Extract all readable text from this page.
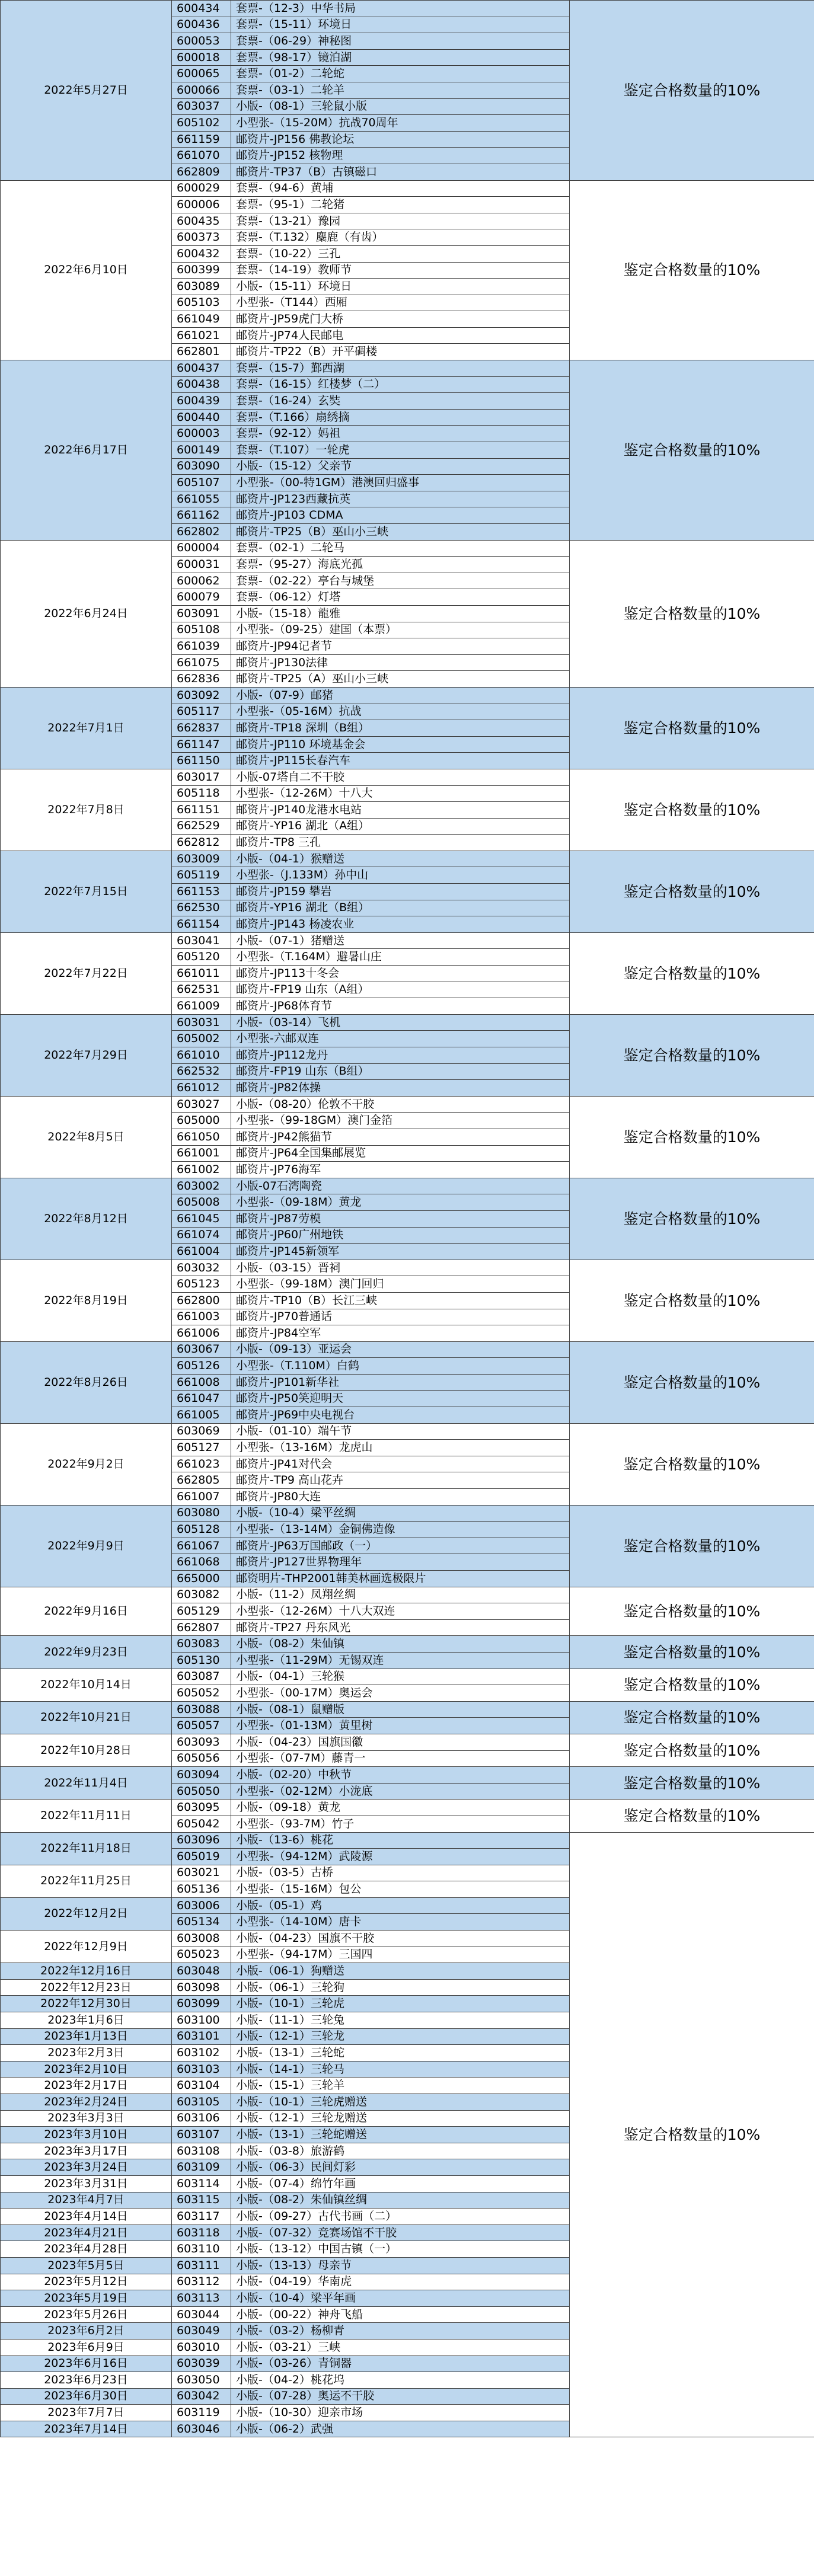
2022年5月27日	600434	套票-（12-3）中华书局	鉴定合格数量的10%
	600436	套票-（15-11）环境日	
	600053	套票-（06-29）神秘图	
	600018	套票-（98-17）镜泊湖	
	600065	套票-（01-2）二轮蛇	
	600066	套票-（03-1）二轮羊	
	603037	小版-（08-1）三轮鼠小版	
	605102	小型张-（15-20M）抗战70周年	
	661159	邮资片-JP156 佛教论坛	
	661070	邮资片-JP152 核物理	
	662809	邮资片-TP37（B）古镇磁口	
2022年6月10日	600029	套票-（94-6）黄埔	鉴定合格数量的10%
	600006	套票-（95-1）二轮猪	
	600435	套票-（13-21）豫园	
	600373	套票-（T.132）麋鹿（有齿）	
	600432	套票-（10-22）三孔	
	600399	套票-（14-19）教师节	
	603089	小版-（15-11）环境日	
	605103	小型张-（T144）西厢	
	661049	邮资片-JP59虎门大桥	
	661021	邮资片-JP74人民邮电	
	662801	邮资片-TP22（B）开平碉楼	
2022年6月17日	600437	套票-（15-7）鄞西湖	鉴定合格数量的10%
	600438	套票-（16-15）红楼梦（二）	
	600439	套票-（16-24）玄奘	
	600440	套票-（T.166）扇绣摘	
	600003	套票-（92-12）妈祖	
	600149	套票-（T.107）一轮虎	
	603090	小版-（15-12）父亲节	
	605107	小型张-（00-特1GM）港澳回归盛事	
	661055	邮资片-JP123西藏抗英	
	661162	邮资片-JP103 CDMA	
	662802	邮资片-TP25（B）巫山小三峡	
2022年6月24日	600004	套票-（02-1）二轮马	鉴定合格数量的10%
	600031	套票-（95-27）海底光孤	
	600062	套票-（02-22）亭台与城堡	
	600079	套票-（06-12）灯塔	
	603091	小版-（15-18）龍雅	
	605108	小型张-（09-25）建国（本票）	
	661039	邮资片-JP94记者节	
	661075	邮资片-JP130法律	
	662836	邮资片-TP25（A）巫山小三峡	
2022年7月1日	603092	小版-（07-9）邮猪	鉴定合格数量的10%
	605117	小型张-（05-16M）抗战	
	662837	邮资片-TP18 深圳（B组）	
	661147	邮资片-JP110 环境基金会	
	661150	邮资片-JP115长春汽车	
2022年7月8日	603017	小版-07塔自二不干胶	鉴定合格数量的10%
	605118	小型张-（12-26M）十八大	
	661151	邮资片-JP140龙港水电站	
	662529	邮资片-YP16 湖北（A组）	
	662812	邮资片-TP8 三孔	
2022年7月15日	603009	小版-（04-1）猴赠送	鉴定合格数量的10%
	605119	小型张-（J.133M）孙中山	
	661153	邮资片-JP159 攀岩	
	662530	邮资片-YP16 湖北（B组）	
	661154	邮资片-JP143 杨凌农业	
2022年7月22日	603041	小版-（07-1）猪赠送	鉴定合格数量的10%
	605120	小型张-（T.164M）避暑山庄	
	661011	邮资片-JP113十冬会	
	662531	邮资片-FP19 山东（A组）	
	661009	邮资片-JP68体育节	
2022年7月29日	603031	小版-（03-14）飞机	鉴定合格数量的10%
	605002	小型张-六邮双连	
	661010	邮资片-JP112龙丹	
	662532	邮资片-FP19 山东（B组）	
	661012	邮资片-JP82体操	
2022年8月5日	603027	小版-（08-20）伦敦不干胶	鉴定合格数量的10%
	605000	小型张-（99-18GM）澳门金箔	
	661050	邮资片-JP42熊猫节	
	661001	邮资片-JP64全国集邮展览	
	661002	邮资片-JP76海军	
2022年8月12日	603002	小版-07石湾陶瓷	鉴定合格数量的10%
	605008	小型张-（09-18M）黄龙	
	661045	邮资片-JP87劳模	
	661074	邮资片-JP60广州地铁	
	661004	邮资片-JP145新领军	
2022年8月19日	603032	小版-（03-15）晋祠	鉴定合格数量的10%
	605123	小型张-（99-18M）澳门回归	
	662800	邮资片-TP10（B）长江三峡	
	661003	邮资片-JP70普通话	
	661006	邮资片-JP84空军	
2022年8月26日	603067	小版-（09-13）亚运会	鉴定合格数量的10%
	605126	小型张-（T.110M）白鹤	
	661008	邮资片-JP101新华社	
	661047	邮资片-JP50笑迎明天	
	661005	邮资片-JP69中央电视台	
2022年9月2日	603069	小版-（01-10）端午节	鉴定合格数量的10%
	605127	小型张-（13-16M）龙虎山	
	661023	邮资片-JP41对代会	
	662805	邮资片-TP9 高山花卉	
	661007	邮资片-JP80大连	
2022年9月9日	603080	小版-（10-4）梁平丝绸	鉴定合格数量的10%
	605128	小型张-（13-14M）金铜佛造像	
	661067	邮资片-JP63万国邮政（一）	
	661068	邮资片-JP127世界物理年	
	665000	邮资明片-THP2001韩美林画选极限片	
2022年9月16日	603082	小版-（11-2）凤翔丝绸	鉴定合格数量的10%
	605129	小型张-（12-26M）十八大双连	
	662807	邮资片-TP27 丹东风光	
2022年9月23日	603083	小版-（08-2）朱仙镇	鉴定合格数量的10%
	605130	小型张-（11-29M）无锡双连	
2022年10月14日	603087	小版-（04-1）三轮猴	鉴定合格数量的10%
	605052	小型张-（00-17M）奥运会	
2022年10月21日	603088	小版-（08-1）鼠赠版	鉴定合格数量的10%
	605057	小型张-（01-13M）黄里树	
2022年10月28日	603093	小版-（04-23）国旗国徽	鉴定合格数量的10%
	605056	小型张-（07-7M）藤青一	
2022年11月4日	603094	小版-（02-20）中秋节	鉴定合格数量的10%
	605050	小型张-（02-12M）小泷底	
2022年11月11日	603095	小版-（09-18）黄龙	鉴定合格数量的10%
	605042	小型张-（93-7M）竹子	
2022年11月18日	603096	小版-（13-6）桃花	鉴定合格数量的10%
	605019	小型张-（94-12M）武陵源	
2022年11月25日	603021	小版-（03-5）古桥	
	605136	小型张-（15-16M）包公	
2022年12月2日	603006	小版-（05-1）鸡	
	605134	小型张-（14-10M）唐卡	
2022年12月9日	603008	小版-（04-23）国旗不干胶	
	605023	小型张-（94-17M）三国四	
2022年12月16日	603048	小版-（06-1）狗赠送	
2022年12月23日	603098	小版-（06-1）三轮狗	
2022年12月30日	603099	小版-（10-1）三轮虎	
2023年1月6日	603100	小版-（11-1）三轮兔	
2023年1月13日	603101	小版-（12-1）三轮龙	
2023年2月3日	603102	小版-（13-1）三轮蛇	
2023年2月10日	603103	小版-（14-1）三轮马	
2023年2月17日	603104	小版-（15-1）三轮羊	
2023年2月24日	603105	小版-（10-1）三轮虎赠送	
2023年3月3日	603106	小版-（12-1）三轮龙赠送	
2023年3月10日	603107	小版-（13-1）三轮蛇赠送	
2023年3月17日	603108	小版-（03-8）旅游鹤	
2023年3月24日	603109	小版-（06-3）民间灯彩	
2023年3月31日	603114	小版-（07-4）绵竹年画	
2023年4月7日	603115	小版-（08-2）朱仙镇丝绸	
2023年4月14日	603117	小版-（09-27）古代书画（二）	
2023年4月21日	603118	小版-（07-32）竞赛场馆不干胶	
2023年4月28日	603110	小版-（13-12）中国古镇（一）	
2023年5月5日	603111	小版-（13-13）母亲节	
2023年5月12日	603112	小版-（04-19）华南虎	
2023年5月19日	603113	小版-（10-4）梁平年画	
2023年5月26日	603044	小版-（00-22）神舟飞船	
2023年6月2日	603049	小版-（03-2）杨柳青	
2023年6月9日	603010	小版-（03-21）三峡	
2023年6月16日	603039	小版-（03-26）青铜器	
2023年6月23日	603050	小版-（04-2）桃花坞	
2023年6月30日	603042	小版-（07-28）奥运不干胶	
2023年7月7日	603119	小版-（10-30）迎亲市场	
2023年7月14日	603046	小版-（06-2）武强	
